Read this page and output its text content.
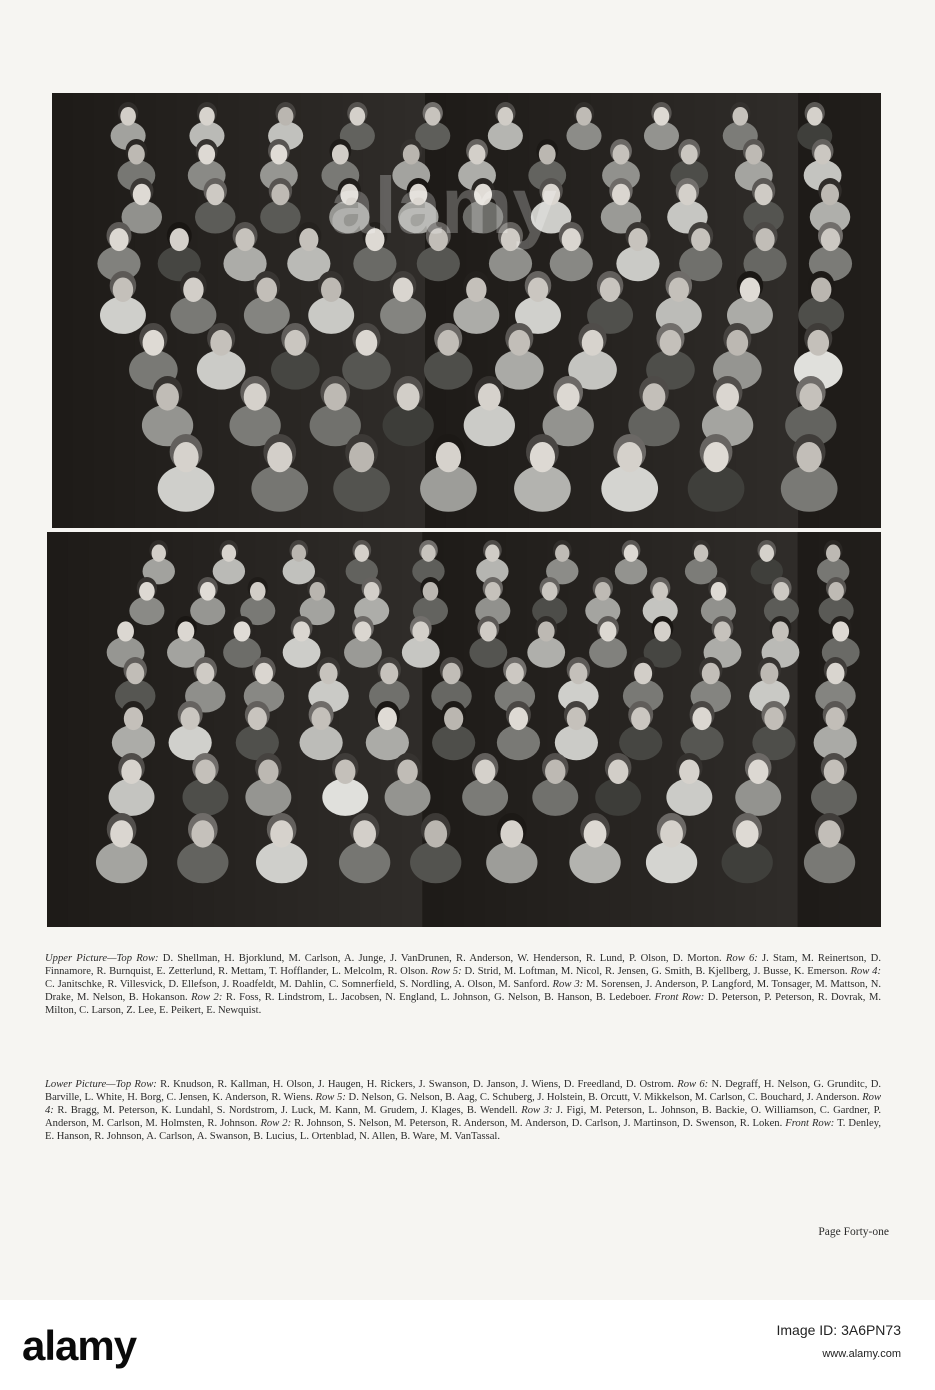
Upper Picture—Top Row: D. Shellman, H. Bjorklund, M. Carlson, A. Junge, J. VanDrunen, R. Anderson, W. Henderson, R. Lund, P. Olson, D. Morton. Row 6: J. Stam, M. Reinertson, D. Finnamore, R. Burnquist, E. Zetterlund, R. Mettam, T. Hofflander, L. Melcolm, R. Olson. Row 5: D. Strid, M. Loftman, M. Nicol, R. Jensen, G. Smith, B. Kjellberg, J. Busse, K. Emerson. Row 4: C. Janitschke, R. Villesvick, D. Ellefson, J. Roadfeldt, M. Dahlin, C. Somnerfield, S. Nordling, A. Olson, M. Sanford. Row 3: M. Sorensen, J. Anderson, P. Langford, M. Tonsager, M. Mattson, N. Drake, M. Nelson, B. Hokanson. Row 2: R. Foss, R. Lindstrom, L. Jacobsen, N. England, L. Johnson, G. Nelson, B. Hanson, B. Ledeboer. Front Row: D. Peterson, P. Peterson, R. Dovrak, M. Milton, C. Larson, Z. Lee, E. Peikert, E. Newquist.
Lower Picture—Top Row: R. Knudson, R. Kallman, H. Olson, J. Haugen, H. Rickers, J. Swanson, D. Janson, J. Wiens, D. Freedland, D. Ostrom. Row 6: N. Degraff, H. Nelson, G. Grunditc, D. Barville, L. White, H. Borg, C. Jensen, K. Anderson, R. Wiens. Row 5: D. Nelson, G. Nelson, B. Aag, C. Schuberg, J. Holstein, B. Orcutt, V. Mikkelson, M. Carlson, C. Bouchard, J. Anderson. Row 4: R. Bragg, M. Peterson, K. Lundahl, S. Nordstrom, J. Luck, M. Kann, M. Grudem, J. Klages, B. Wendell. Row 3: J. Figi, M. Peterson, L. Johnson, B. Backie, O. Williamson, C. Gardner, P. Anderson, M. Carlson, M. Holmsten, R. Johnson. Row 2: R. Johnson, S. Nelson, M. Peterson, R. Anderson, M. Anderson, D. Carlson, J. Martinson, D. Swenson, R. Loken. Front Row: T. Denley, E. Hanson, R. Johnson, A. Carlson, A. Swanson, B. Lucius, L. Ortenblad, N. Allen, B. Ware, M. VanTassal.
Page Forty-one
alamy
alamy	Image ID: 3A6PN73
www.alamy.com
